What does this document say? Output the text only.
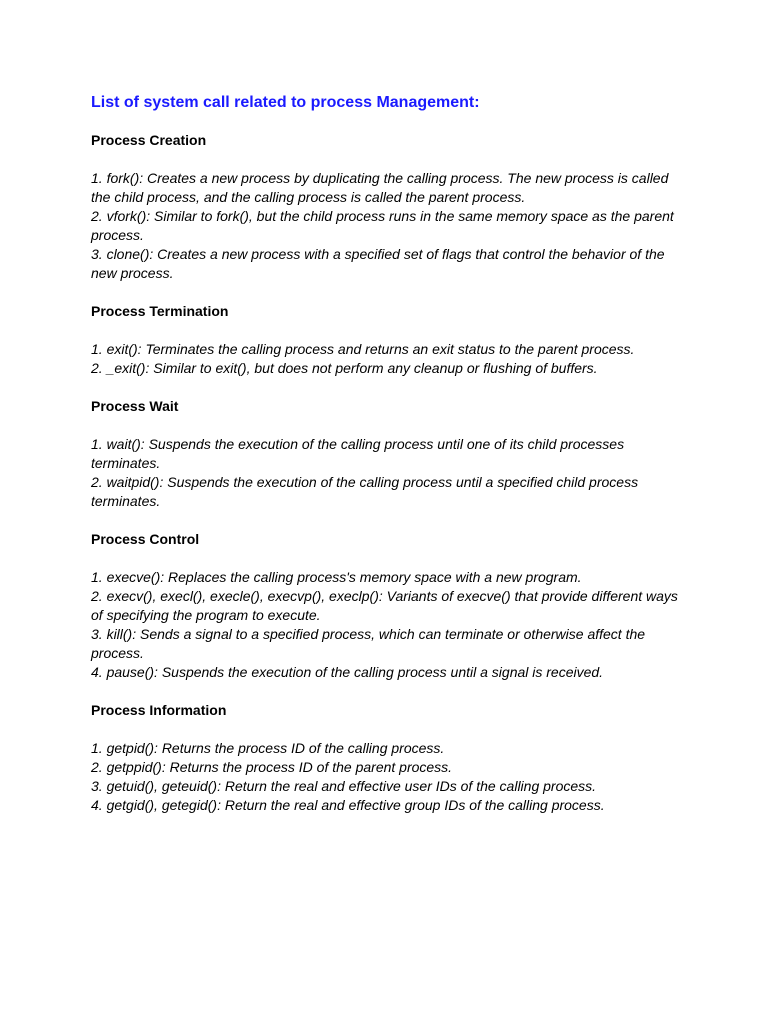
List of system call related to process Management:
Process Creation
1. fork(): Creates a new process by duplicating the calling process. The new process is called the child process, and the calling process is called the parent process.
2. vfork(): Similar to fork(), but the child process runs in the same memory space as the parent process.
3. clone(): Creates a new process with a specified set of flags that control the behavior of the new process.
Process Termination
1. exit(): Terminates the calling process and returns an exit status to the parent process.
2. _exit(): Similar to exit(), but does not perform any cleanup or flushing of buffers.
Process Wait
1. wait(): Suspends the execution of the calling process until one of its child processes terminates.
2. waitpid(): Suspends the execution of the calling process until a specified child process terminates.
Process Control
1. execve(): Replaces the calling process's memory space with a new program.
2. execv(), execl(), execle(), execvp(), execlp(): Variants of execve() that provide different ways of specifying the program to execute.
3. kill(): Sends a signal to a specified process, which can terminate or otherwise affect the process.
4. pause(): Suspends the execution of the calling process until a signal is received.
Process Information
1. getpid(): Returns the process ID of the calling process.
2. getppid(): Returns the process ID of the parent process.
3. getuid(), geteuid(): Return the real and effective user IDs of the calling process.
4. getgid(), getegid(): Return the real and effective group IDs of the calling process.
